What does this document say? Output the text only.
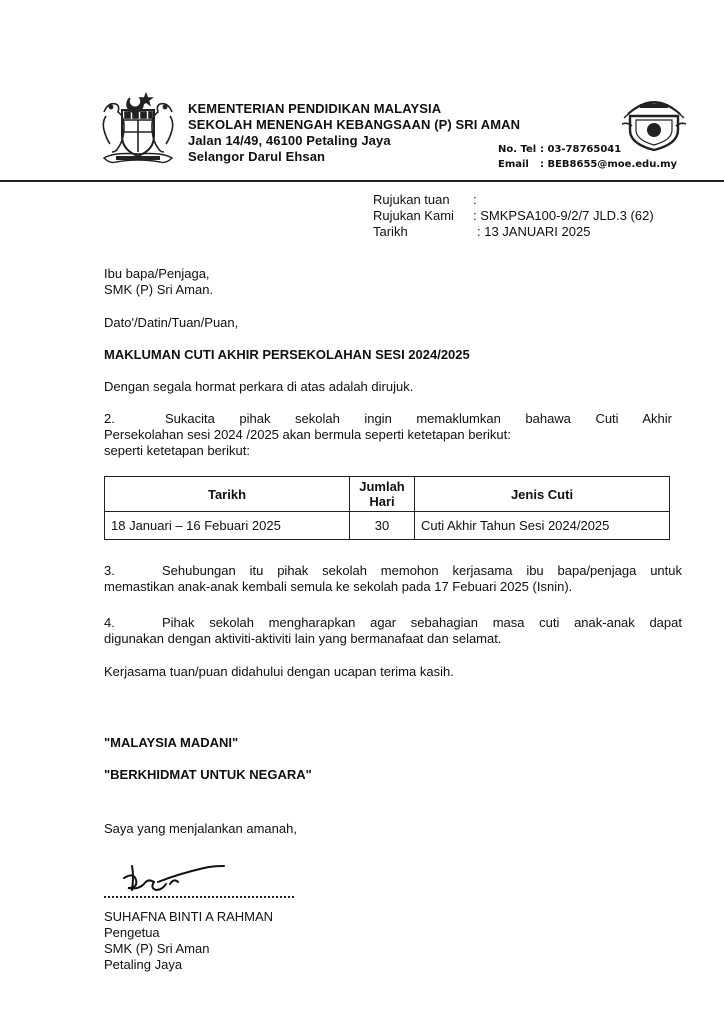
KEMENTERIAN PENDIDIKAN MALAYSIA
SEKOLAH MENENGAH KEBANGSAAN (P) SRI AMAN
Jalan 14/49, 46100 Petaling Jaya
Selangor Darul Ehsan	No. Tel : 03-78765041
Email : BEB8655@moe.edu.my
Rujukan tuan	:
Rujukan Kami	: SMKPSA100-9/2/7 JLD.3 (62)
Tarikh	: 13 JANUARI 2025
Ibu bapa/Penjaga,
SMK (P) Sri Aman.
Dato'/Datin/Tuan/Puan,
MAKLUMAN CUTI AKHIR PERSEKOLAHAN SESI 2024/2025
Dengan segala hormat perkara di atas adalah dirujuk.
2.	Sukacita pihak sekolah ingin memaklumkan bahawa Cuti Akhir
Persekolahan sesi 2024 /2025 akan bermula seperti ketetapan berikut:
seperti ketetapan berikut:
Tarikh	Jumlah Hari	Jenis Cuti
18 Januari – 16 Febuari 2025	30	Cuti Akhir Tahun Sesi 2024/2025
3.	Sehubungan itu pihak sekolah memohon kerjasama ibu bapa/penjaga untuk
memastikan anak-anak kembali semula ke sekolah pada 17 Febuari 2025 (Isnin).
4.	Pihak sekolah mengharapkan agar sebahagian masa cuti anak-anak dapat
digunakan dengan aktiviti-aktiviti lain yang bermanafaat dan selamat.
Kerjasama tuan/puan didahului dengan ucapan terima kasih.
"MALAYSIA MADANI"
"BERKHIDMAT UNTUK NEGARA"
Saya yang menjalankan amanah,
SUHAFNA BINTI A RAHMAN
Pengetua
SMK (P) Sri Aman
Petaling Jaya
